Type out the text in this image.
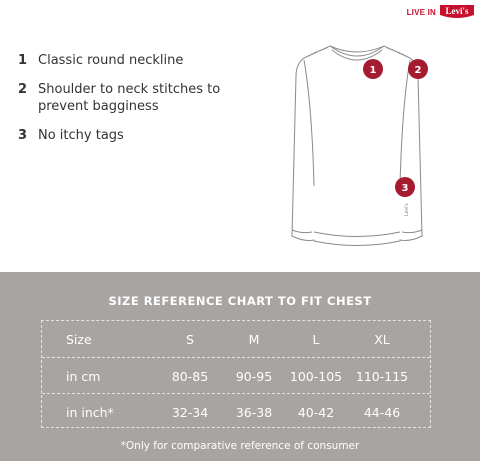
LIVE IN Levi's
1 Classic round neckline
2 Shoulder to neck stitches to prevent bagginess
3 No itchy tags
Levi's
1	2
3
SIZE REFERENCE CHART TO FIT CHEST
Size	S	M	L	XL
in cm	80-85	90-95	100-105	110-115
in inch*	32-34	36-38	40-42	44-46
*Only for comparative reference of consumer
